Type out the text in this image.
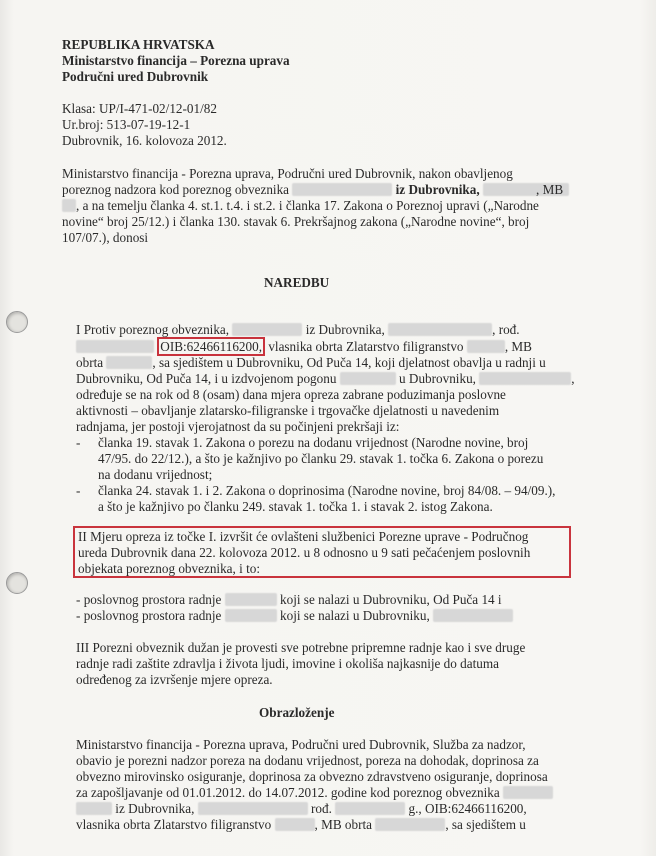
REPUBLIKA HRVATSKA
Ministarstvo financija – Porezna uprava
Područni ured Dubrovnik
Klasa: UP/I-471-02/12-01/82
Ur.broj: 513-07-19-12-1
Dubrovnik, 16. kolovoza 2012.
Ministarstvo financija - Porezna uprava, Područni ured Dubrovnik, nakon obavljenog
poreznog nadzora kod poreznog obveznika	iz Dubrovnika,
, a na temelju članka 4. st.1. t.4. i st.2. i članka 17. Zakona o Poreznoj upravi („Narodne
, MB
novine“ broj 25/12.) i članka 130. stavak 6. Prekršajnog zakona („Narodne novine“, broj
107/07.), donosi
NAREDBU
I Protiv poreznog obveznika,	iz Dubrovnika,	, rođ.
OIB:62466116200, vlasnika obrta Zlatarstvo filigranstvo	, MB
obrta	, sa sjedištem u Dubrovniku, Od Puča 14, koji djelatnost obavlja u radnji u
Dubrovniku, Od Puča 14, i u izdvojenom pogonu	u Dubrovniku,	,
određuje se na rok od 8 (osam) dana mjera opreza zabrane poduzimanja poslovne
aktivnosti – obavljanje zlatarsko-filigranske i trgovačke djelatnosti u navedenim
radnjama, jer postoji vjerojatnost da su počinjeni prekršaji iz:
- članka 19. stavak 1. Zakona o porezu na dodanu vrijednost (Narodne novine, broj
47/95. do 22/12.), a što je kažnjivo po članku 29. stavak 1. točka 6. Zakona o porezu
na dodanu vrijednost;
- članka 24. stavak 1. i 2. Zakona o doprinosima (Narodne novine, broj 84/08. – 94/09.),
a što je kažnjivo po članku 249. stavak 1. točka 1. i stavak 2. istog Zakona.
II Mjeru opreza iz točke I. izvršit će ovlašteni službenici Porezne uprave - Područnog
ureda Dubrovnik dana 22. kolovoza 2012. u 8 odnosno u 9 sati pečaćenjem poslovnih
objekata poreznog obveznika, i to:
- poslovnog prostora radnje	koji se nalazi u Dubrovniku, Od Puča 14 i
- poslovnog prostora radnje	koji se nalazi u Dubrovniku,
III Porezni obveznik dužan je provesti sve potrebne pripremne radnje kao i sve druge
radnje radi zaštite zdravlja i života ljudi, imovine i okoliša najkasnije do datuma
određenog za izvršenje mjere opreza.
Obrazloženje
Ministarstvo financija - Porezna uprava, Područni ured Dubrovnik, Služba za nadzor,
obavio je porezni nadzor poreza na dodanu vrijednost, poreza na dohodak, doprinosa za
obvezno mirovinsko osiguranje, doprinosa za obvezno zdravstveno osiguranje, doprinosa
za zapošljavanje od 01.01.2012. do 14.07.2012. godine kod poreznog obveznika
iz Dubrovnika,	rođ.	g., OIB:62466116200,
vlasnika obrta Zlatarstvo filigranstvo	, MB obrta	, sa sjedištem u
